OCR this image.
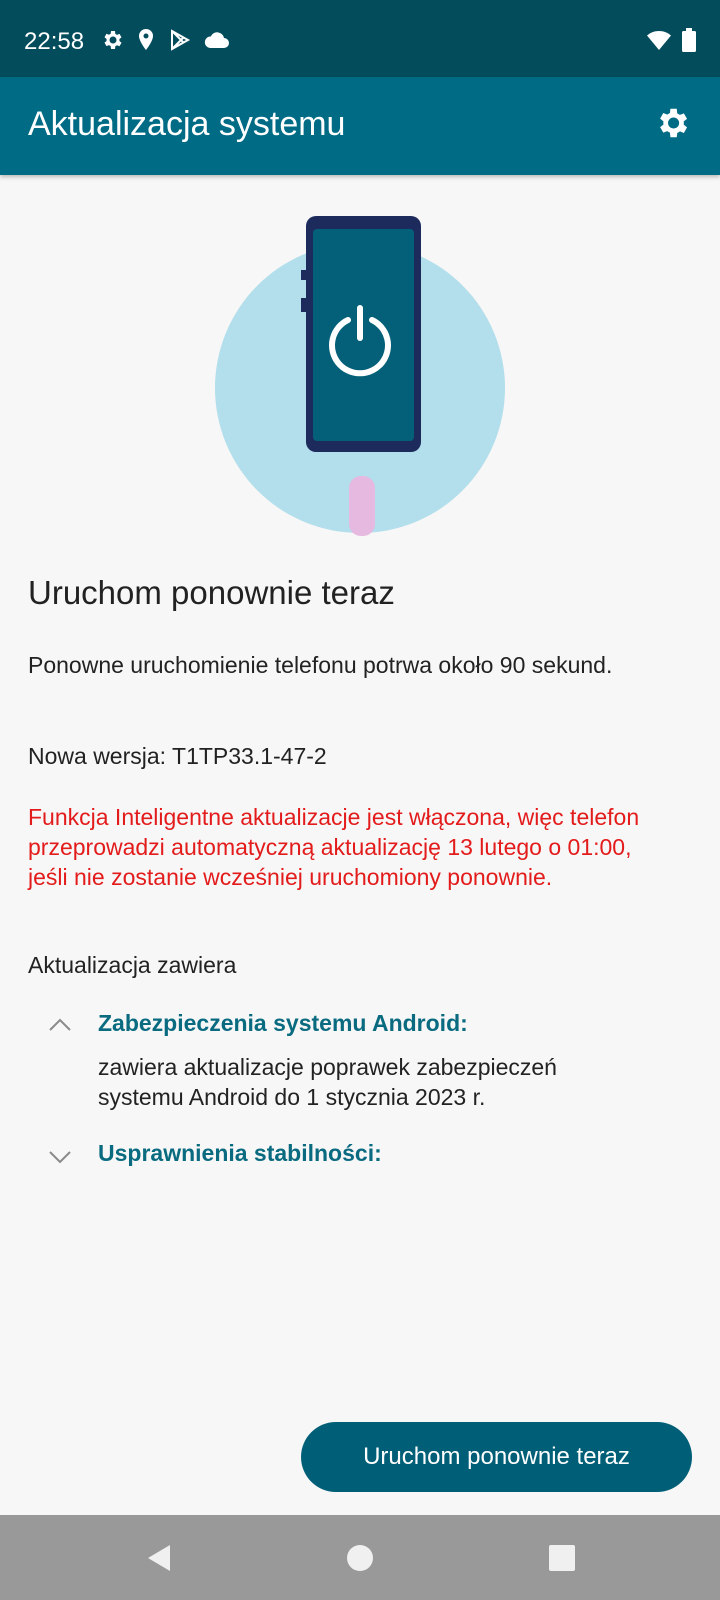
22:58
Aktualizacja systemu
Uruchom ponownie teraz
Ponowne uruchomienie telefonu potrwa około 90 sekund.
Nowa wersja: T1TP33.1-47-2
Funkcja Inteligentne aktualizacje jest włączona, więc telefon przeprowadzi automatyczną aktualizację 13 lutego o 01:00, jeśli nie zostanie wcześniej uruchomiony ponownie.
Aktualizacja zawiera
Zabezpieczenia systemu Android:
zawiera aktualizacje poprawek zabezpieczeń systemu Android do 1 stycznia 2023 r.
Usprawnienia stabilności:
Uruchom ponownie teraz
